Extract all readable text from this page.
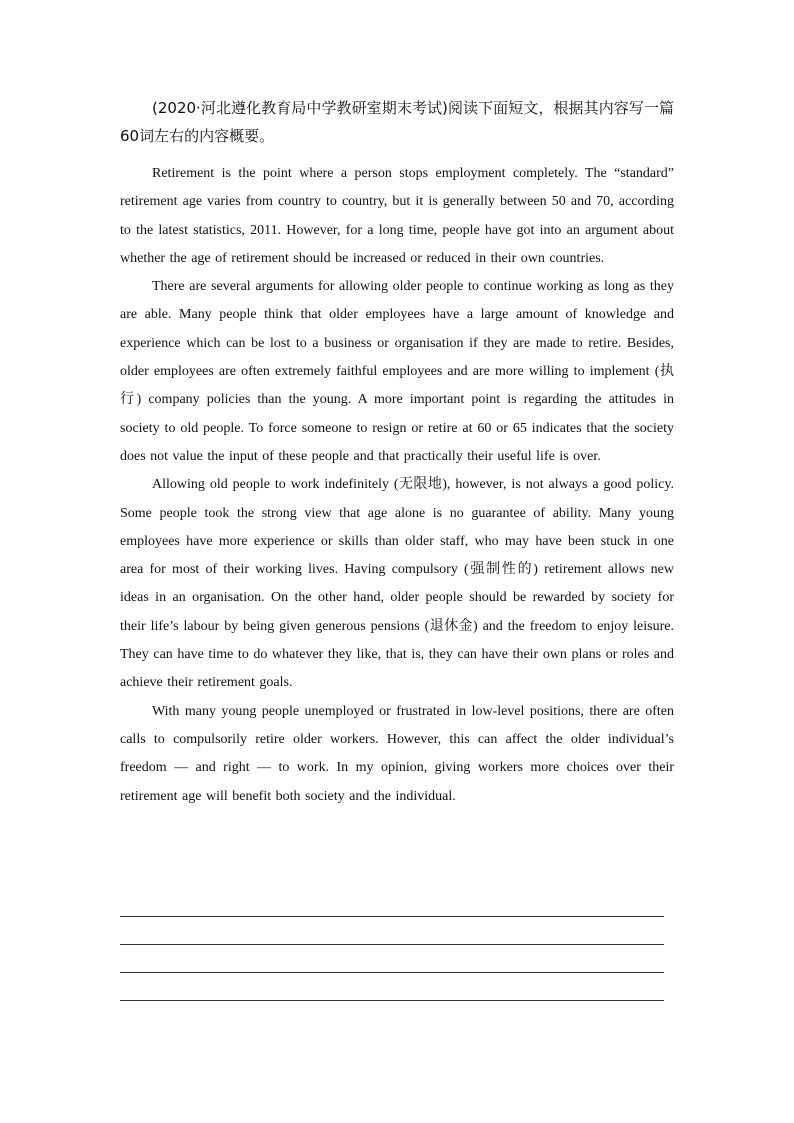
(2020·河北遵化教育局中学教研室期末考试)阅读下面短文，根据其内容写一篇60词左右的内容概要。

Retirement is the point where a person stops employment completely. The “standard” retirement age varies from country to country, but it is generally between 50 and 70, according to the latest statistics, 2011. However, for a long time, people have got into an argument about whether the age of retirement should be increased or reduced in their own countries.

There are several arguments for allowing older people to continue working as long as they are able. Many people think that older employees have a large amount of knowledge and experience which can be lost to a business or organisation if they are made to retire. Besides, older employees are often extremely faithful employees and are more willing to implement (执行) company policies than the young. A more important point is regarding the attitudes in society to old people. To force someone to resign or retire at 60 or 65 indicates that the society does not value the input of these people and that practically their useful life is over.

Allowing old people to work indefinitely (无限地), however, is not always a good policy. Some people took the strong view that age alone is no guarantee of ability. Many young employees have more experience or skills than older staff, who may have been stuck in one area for most of their working lives. Having compulsory (强制性的) retirement allows new ideas in an organisation. On the other hand, older people should be rewarded by society for their life’s labour by being given generous pensions (退休金) and the freedom to enjoy leisure. They can have time to do whatever they like, that is, they can have their own plans or roles and achieve their retirement goals.

With many young people unemployed or frustrated in low-level positions, there are often calls to compulsorily retire older workers. However, this can affect the older individual’s freedom — and right — to work. In my opinion, giving workers more choices over their retirement age will benefit both society and the individual.
